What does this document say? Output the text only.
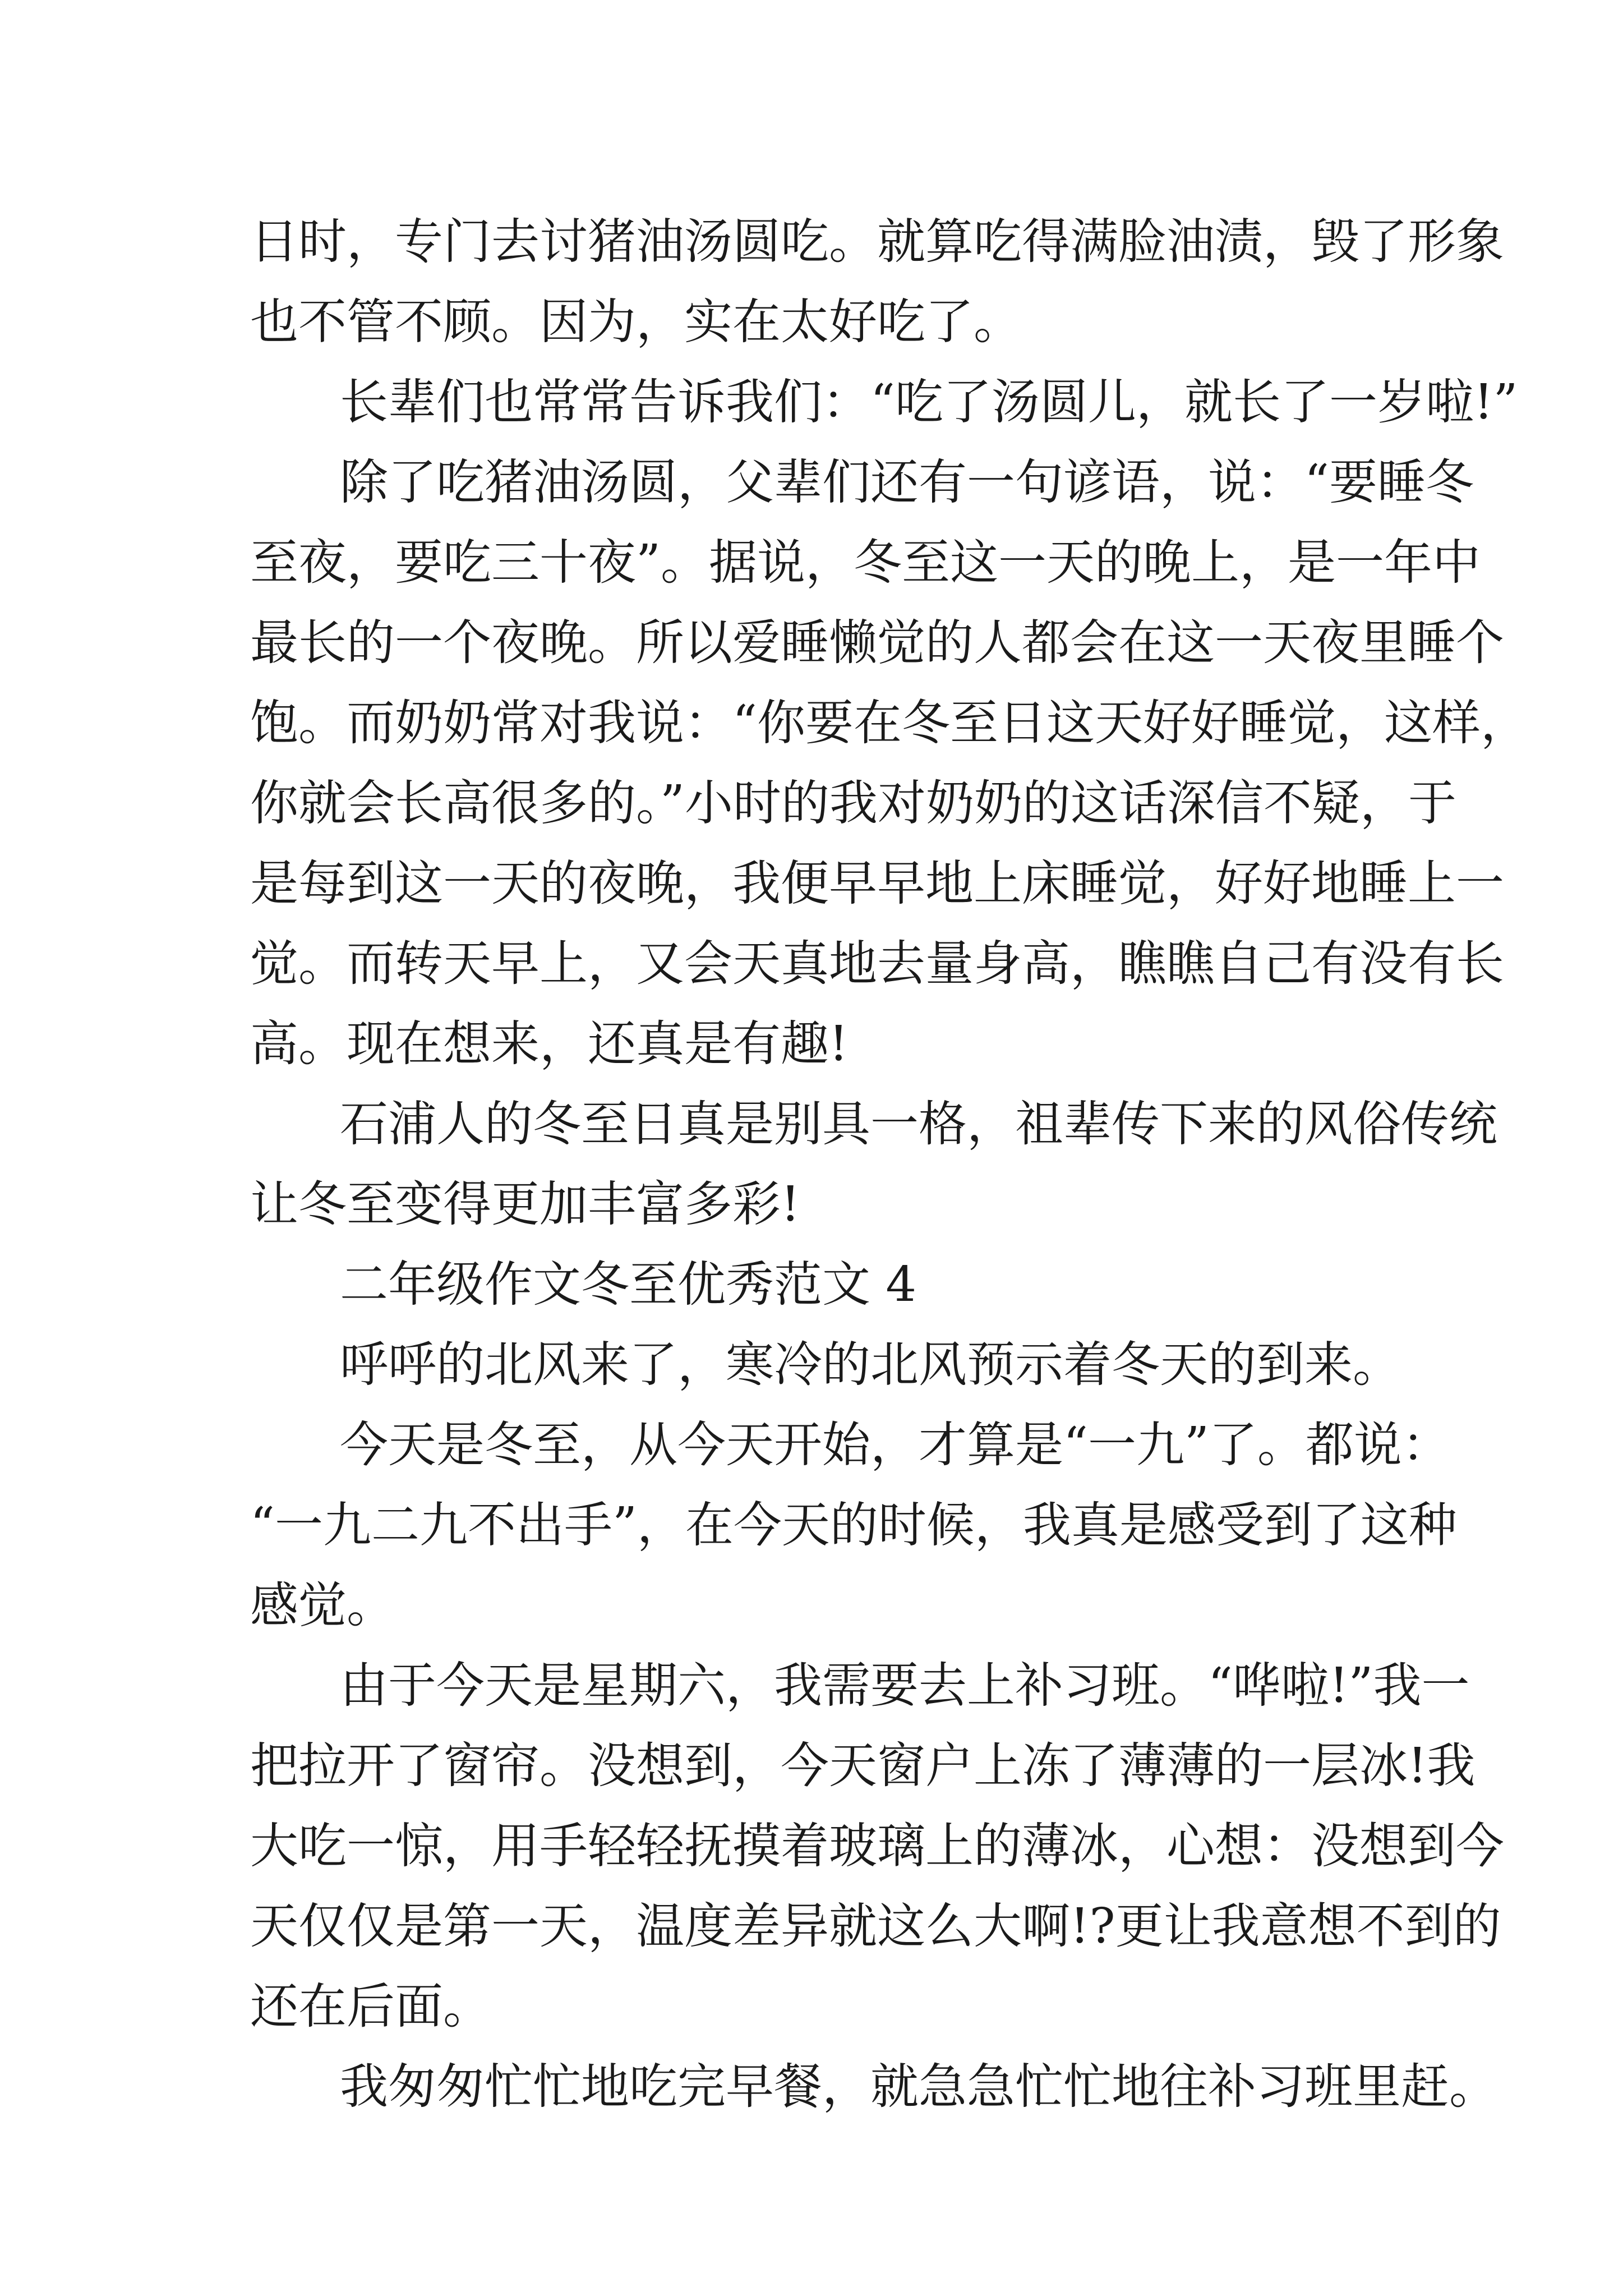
日时，专门去讨猪油汤圆吃。就算吃得满脸油渍，毁了形象
也不管不顾。因为，实在太好吃了。
长辈们也常常告诉我们：“吃了汤圆儿，就长了一岁啦!”
除了吃猪油汤圆，父辈们还有一句谚语，说：“要睡冬
至夜，要吃三十夜”。据说，冬至这一天的晚上，是一年中
最长的一个夜晚。所以爱睡懒觉的人都会在这一天夜里睡个
饱。而奶奶常对我说：“你要在冬至日这天好好睡觉，这样，
你就会长高很多的。”小时的我对奶奶的这话深信不疑，于
是每到这一天的夜晚，我便早早地上床睡觉，好好地睡上一
觉。而转天早上，又会天真地去量身高，瞧瞧自己有没有长
高。现在想来，还真是有趣!
石浦人的冬至日真是别具一格，祖辈传下来的风俗传统
让冬至变得更加丰富多彩!
二年级作文冬至优秀范文 4
呼呼的北风来了，寒冷的北风预示着冬天的到来。
今天是冬至，从今天开始，才算是“一九”了。都说：
“一九二九不出手”，在今天的时候，我真是感受到了这种
感觉。
由于今天是星期六，我需要去上补习班。“哗啦!”我一
把拉开了窗帘。没想到，今天窗户上冻了薄薄的一层冰!我
大吃一惊，用手轻轻抚摸着玻璃上的薄冰，心想：没想到今
天仅仅是第一天，温度差异就这么大啊!?更让我意想不到的
还在后面。
我匆匆忙忙地吃完早餐，就急急忙忙地往补习班里赶。
